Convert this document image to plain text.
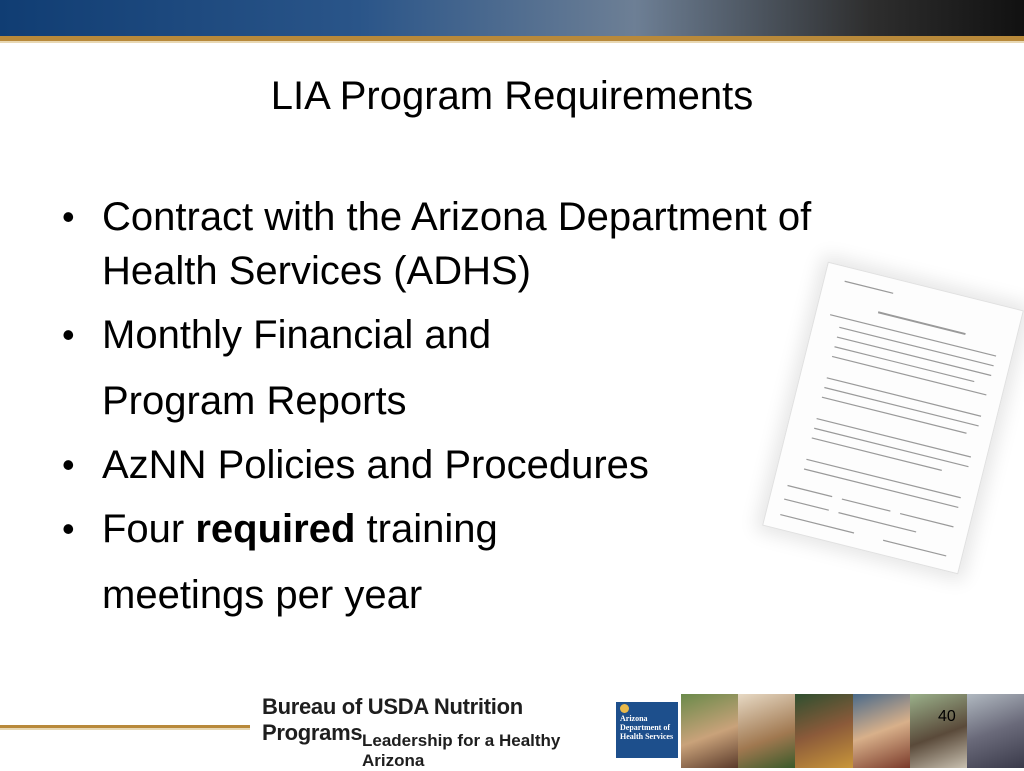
LIA Program Requirements
• Contract with the Arizona Department of
Health Services (ADHS)
• Monthly Financial and
Program Reports
• AzNN Policies and Procedures
• Four required training
meetings per year
Bureau of USDA Nutrition Programs Leadership for a Healthy Arizona
Arizona
Department of
Health Services
40
